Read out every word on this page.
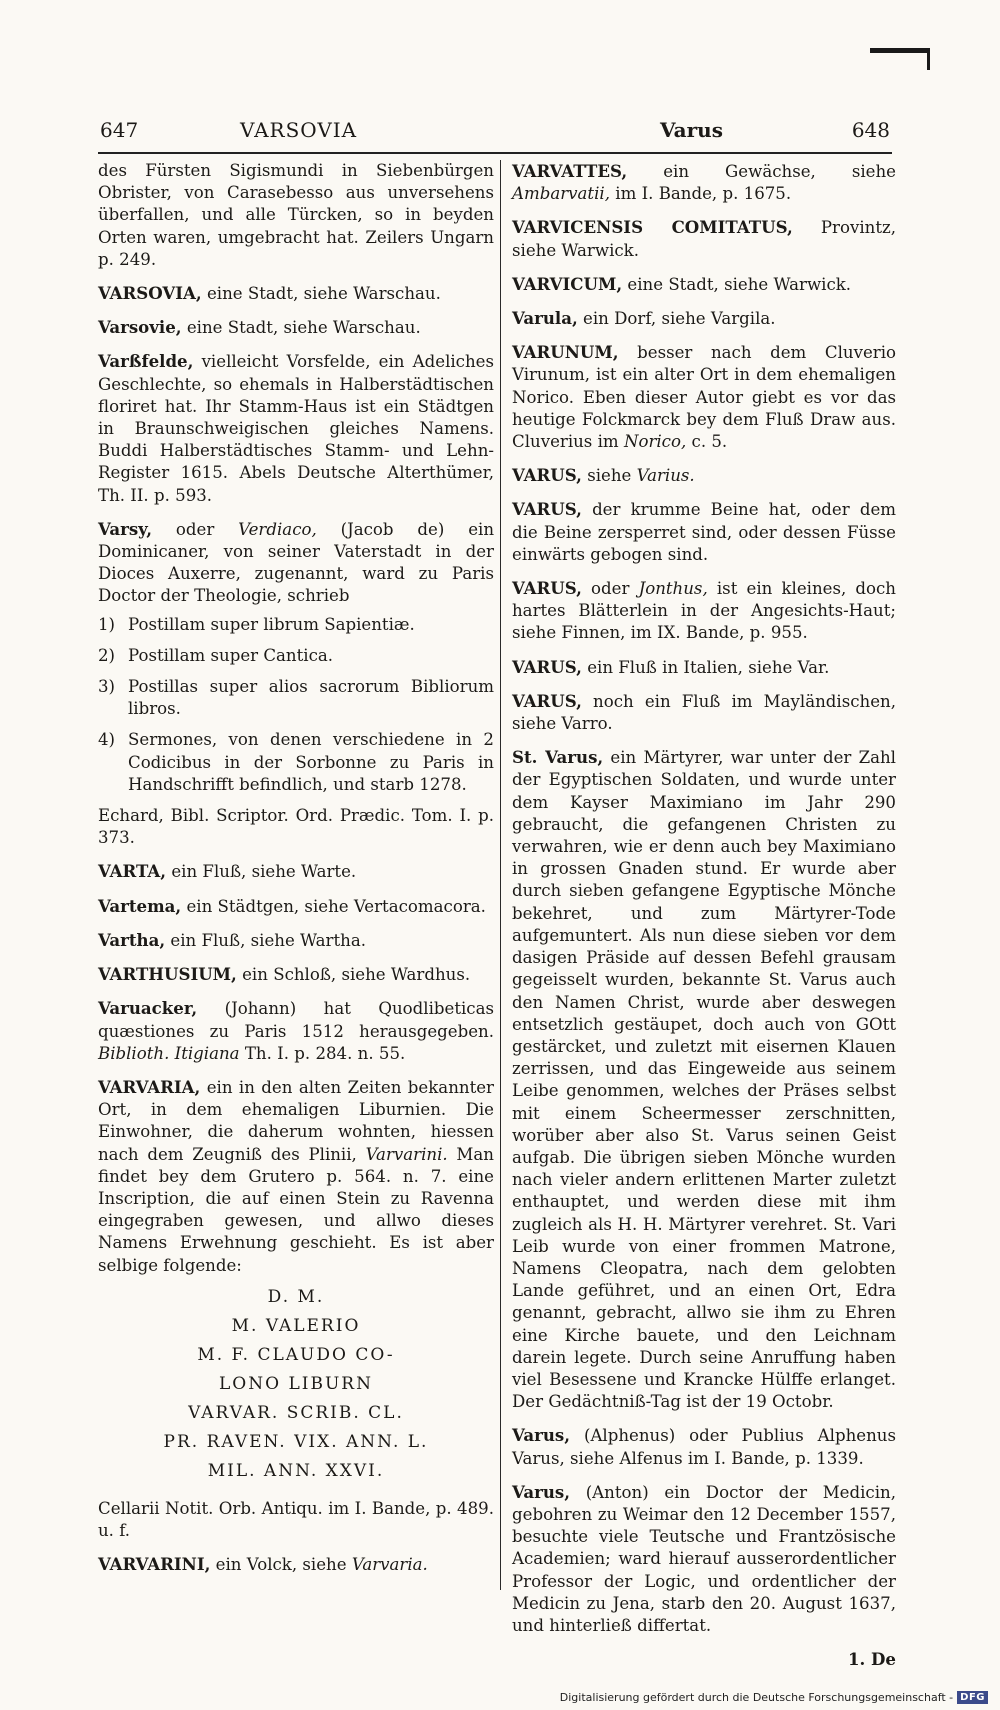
647	VARSOVIA	Varus	648

des Fürsten Sigismundi in Siebenbürgen Obrister, von Carasebesso aus unversehens überfallen, und alle Türcken, so in beyden Orten waren, umgebracht hat. Zeilers Ungarn p. 249.

VARSOVIA, eine Stadt, siehe Warschau.

Varsovie, eine Stadt, siehe Warschau.

Varßfelde, vielleicht Vorsfelde, ein Adeliches Geschlechte, so ehemals in Halberstädtischen floriret hat. Ihr Stamm-Haus ist ein Städtgen in Braunschweigischen gleiches Namens. Buddi Halberstädtisches Stamm- und Lehn-Register 1615. Abels Deutsche Alterthümer, Th. II. p. 593.

Varsy, oder Verdiaco, (Jacob de) ein Dominicaner, von seiner Vaterstadt in der Dioces Auxerre, zugenannt, ward zu Paris Doctor der Theologie, schrieb

1) Postillam super librum Sapientiæ.
2) Postillam super Cantica.
3) Postillas super alios sacrorum Bibliorum libros.
4) Sermones, von denen verschiedene in 2 Codicibus in der Sorbonne zu Paris in Handschrifft befindlich, und starb 1278.

Echard, Bibl. Scriptor. Ord. Prædic. Tom. I. p. 373.

VARTA, ein Fluß, siehe Warte.

Vartema, ein Städtgen, siehe Vertacomacora.

Vartha, ein Fluß, siehe Wartha.

VARTHUSIUM, ein Schloß, siehe Wardhus.

Varuacker, (Johann) hat Quodlibeticas quæstiones zu Paris 1512 herausgegeben. Biblioth. Itigiana Th. I. p. 284. n. 55.

VARVARIA, ein in den alten Zeiten bekannter Ort, in dem ehemaligen Liburnien. Die Einwohner, die daherum wohnten, hiessen nach dem Zeugniß des Plinii, Varvarini. Man findet bey dem Grutero p. 564. n. 7. eine Inscription, die auf einen Stein zu Ravenna eingegraben gewesen, und allwo dieses Namens Erwehnung geschieht. Es ist aber selbige folgende:

D. M.
M. VALERIO
M. F. CLAUDO CO-
LONO LIBURN
VARVAR. SCRIB. CL.
PR. RAVEN. VIX. ANN. L.
MIL. ANN. XXVI.

Cellarii Notit. Orb. Antiqu. im I. Bande, p. 489. u. f.

VARVARINI, ein Volck, siehe Varvaria.

VARVATTES, ein Gewächse, siehe Ambarvatii, im I. Bande, p. 1675.

VARVICENSIS COMITATUS, Provintz, siehe Warwick.

VARVICUM, eine Stadt, siehe Warwick.

Varula, ein Dorf, siehe Vargila.

VARUNUM, besser nach dem Cluverio Virunum, ist ein alter Ort in dem ehemaligen Norico. Eben dieser Autor giebt es vor das heutige Folckmarck bey dem Fluß Draw aus. Cluverius im Norico, c. 5.

VARUS, siehe Varius.

VARUS, der krumme Beine hat, oder dem die Beine zersperret sind, oder dessen Füsse einwärts gebogen sind.

VARUS, oder Jonthus, ist ein kleines, doch hartes Blätterlein in der Angesichts-Haut; siehe Finnen, im IX. Bande, p. 955.

VARUS, ein Fluß in Italien, siehe Var.

VARUS, noch ein Fluß im Mayländischen, siehe Varro.

St. Varus, ein Märtyrer, war unter der Zahl der Egyptischen Soldaten, und wurde unter dem Kayser Maximiano im Jahr 290 gebraucht, die gefangenen Christen zu verwahren, wie er denn auch bey Maximiano in grossen Gnaden stund. Er wurde aber durch sieben gefangene Egyptische Mönche bekehret, und zum Märtyrer-Tode aufgemuntert. Als nun diese sieben vor dem dasigen Präside auf dessen Befehl grausam gegeisselt wurden, bekannte St. Varus auch den Namen Christ, wurde aber deswegen entsetzlich gestäupet, doch auch von GOtt gestärcket, und zuletzt mit eisernen Klauen zerrissen, und das Eingeweide aus seinem Leibe genommen, welches der Präses selbst mit einem Scheermesser zerschnitten, worüber aber also St. Varus seinen Geist aufgab. Die übrigen sieben Mönche wurden nach vieler andern erlittenen Marter zuletzt enthauptet, und werden diese mit ihm zugleich als H. H. Märtyrer verehret. St. Vari Leib wurde von einer frommen Matrone, Namens Cleopatra, nach dem gelobten Lande geführet, und an einen Ort, Edra genannt, gebracht, allwo sie ihm zu Ehren eine Kirche bauete, und den Leichnam darein legete. Durch seine Anruffung haben viel Besessene und Krancke Hülffe erlanget. Der Gedächtniß-Tag ist der 19 Octobr.

Varus, (Alphenus) oder Publius Alphenus Varus, siehe Alfenus im I. Bande, p. 1339.

Varus, (Anton) ein Doctor der Medicin, gebohren zu Weimar den 12 December 1557, besuchte viele Teutsche und Frantzösische Academien; ward hierauf ausserordentlicher Professor der Logic, und ordentlicher der Medicin zu Jena, starb den 20. August 1637, und hinterließ differtat.

1. De
Digitalisierung gefördert durch die Deutsche Forschungsgemeinschaft - DFG
